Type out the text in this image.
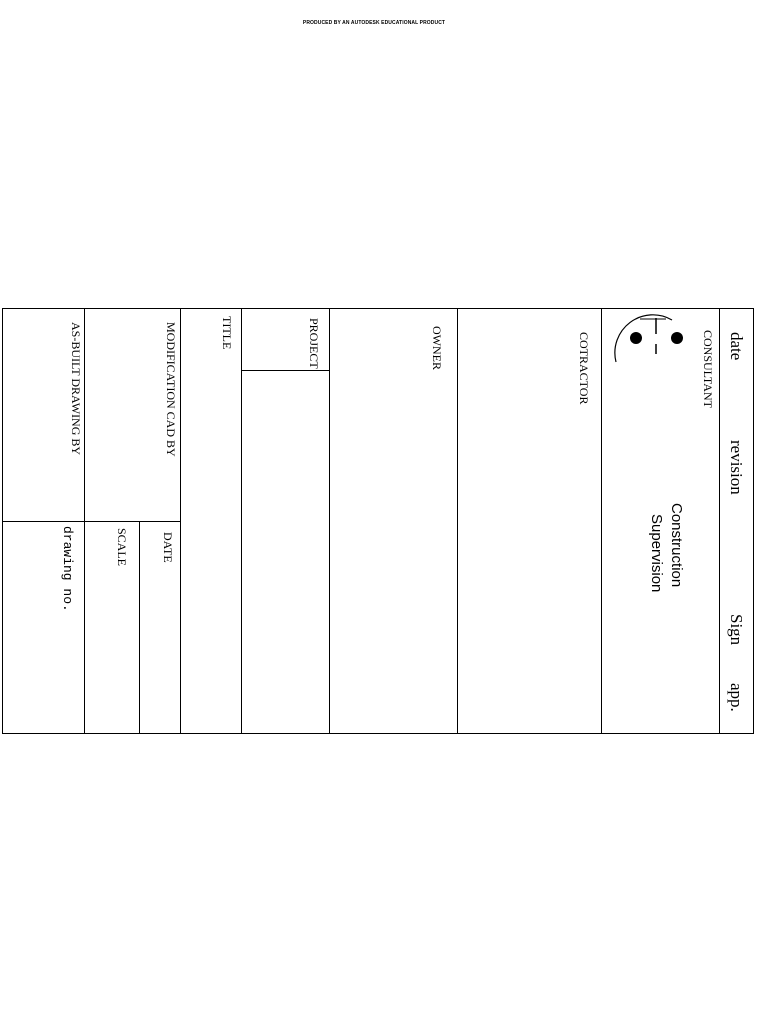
PRODUCED BY AN AUTODESK EDUCATIONAL PRODUCT
date
revision
Sign
app.
CONSULTANT
Construction
Supervision
COTRACTOR
OWNER
PROJECT
TITLE
MODIFICATION CAD BY
DATE
SCALE
AS-BUILT DRAWING BY
drawing no.
